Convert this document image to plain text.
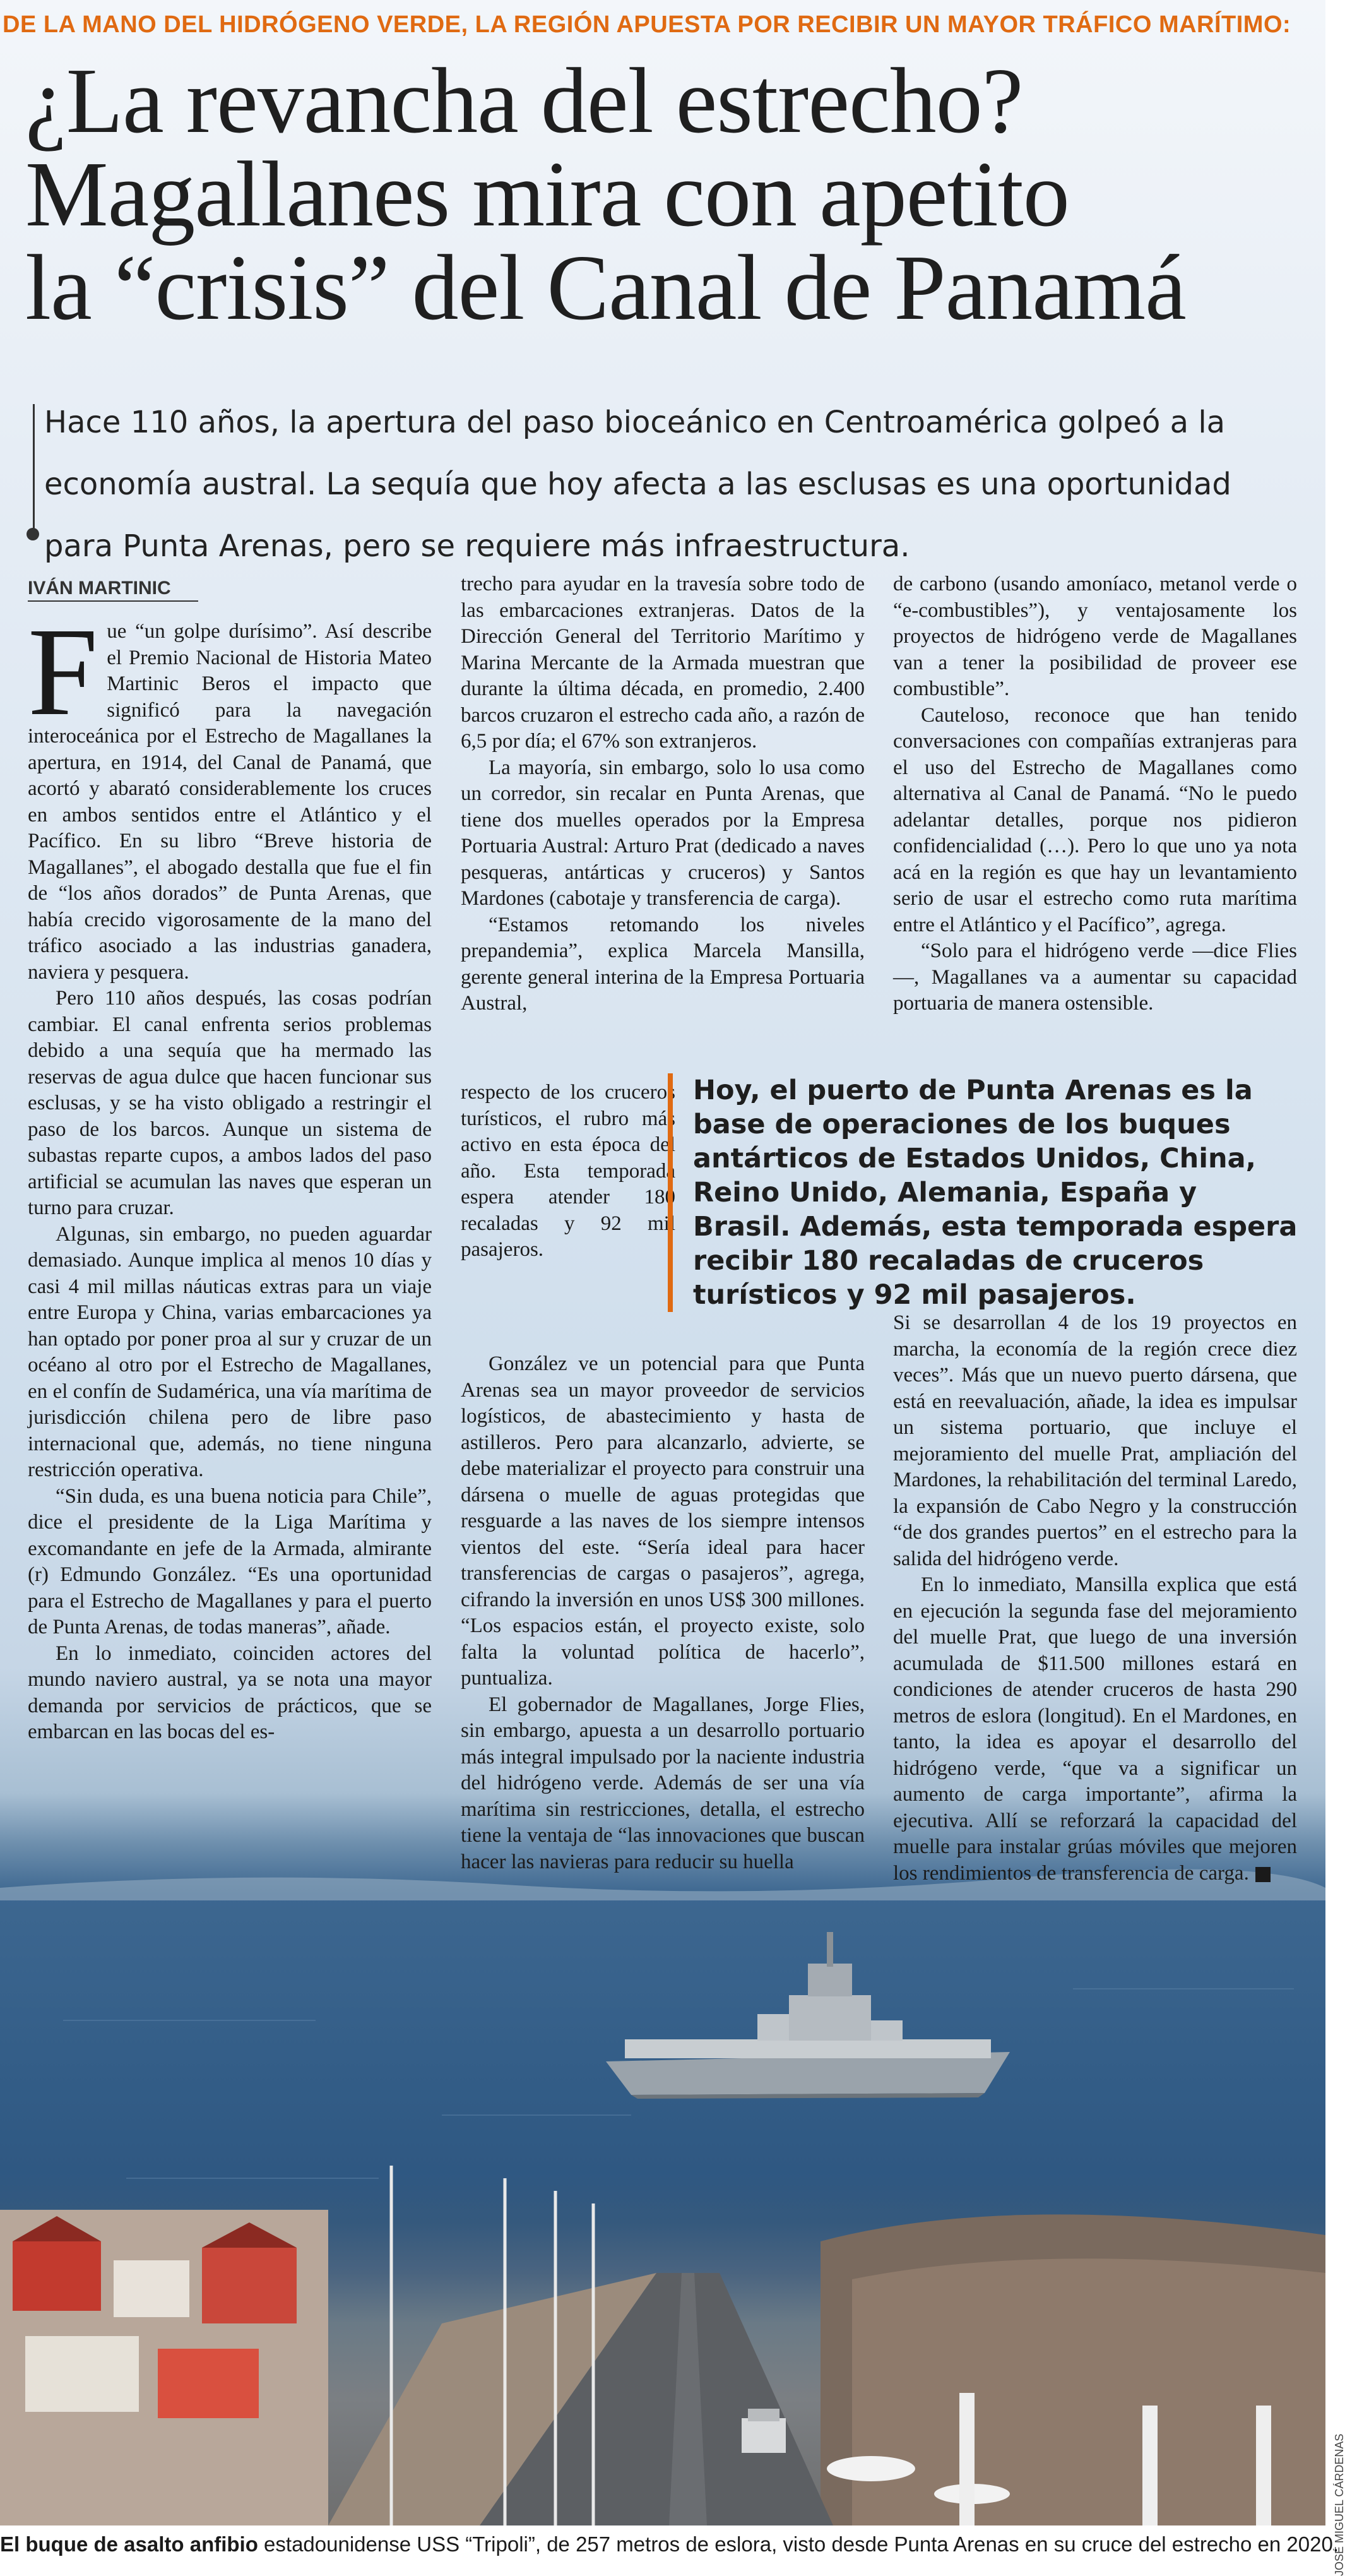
DE LA MANO DEL HIDRÓGENO VERDE, LA REGIÓN APUESTA POR RECIBIR UN MAYOR TRÁFICO MARÍTIMO:
¿La revancha del estrecho?
Magallanes mira con apetito
la “crisis” del Canal de Panamá
Hace 110 años, la apertura del paso bioceánico en Centroamérica golpeó a la economía austral. La sequía que hoy afecta a las esclusas es una oportunidad para Punta Arenas, pero se requiere más infraestructura.
IVÁN MARTINIC

Fue “un golpe durísimo”. Así describe el Premio Nacional de Historia Mateo Martinic Beros el impacto que significó para la navegación interoceánica por el Estrecho de Magallanes la apertura, en 1914, del Canal de Panamá, que acortó y abarató considerablemente los cruces en ambos sentidos entre el Atlántico y el Pacífico. En su libro “Breve historia de Magallanes”, el abogado destalla que fue el fin de “los años dorados” de Punta Arenas, que había crecido vigorosamente de la mano del tráfico asociado a las industrias ganadera, naviera y pesquera.

Pero 110 años después, las cosas podrían cambiar. El canal enfrenta serios problemas debido a una sequía que ha mermado las reservas de agua dulce que hacen funcionar sus esclusas, y se ha visto obligado a restringir el paso de los barcos. Aunque un sistema de subastas reparte cupos, a ambos lados del paso artificial se acumulan las naves que esperan un turno para cruzar.

Algunas, sin embargo, no pueden aguardar demasiado. Aunque implica al menos 10 días y casi 4 mil millas náuticas extras para un viaje entre Europa y China, varias embarcaciones ya han optado por poner proa al sur y cruzar de un océano al otro por el Estrecho de Magallanes, en el confín de Sudamérica, una vía marítima de jurisdicción chilena pero de libre paso internacional que, además, no tiene ninguna restricción operativa.

“Sin duda, es una buena noticia para Chile”, dice el presidente de la Liga Marítima y excomandante en jefe de la Armada, almirante (r) Edmundo González. “Es una oportunidad para el Estrecho de Magallanes y para el puerto de Punta Arenas, de todas maneras”, añade.

En lo inmediato, coinciden actores del mundo naviero austral, ya se nota una mayor demanda por servicios de prácticos, que se embarcan en las bocas del es-

trecho para ayudar en la travesía sobre todo de las embarcaciones extranjeras. Datos de la Dirección General del Territorio Marítimo y Marina Mercante de la Armada muestran que durante la última década, en promedio, 2.400 barcos cruzaron el estrecho cada año, a razón de 6,5 por día; el 67% son extranjeros.

La mayoría, sin embargo, solo lo usa como un corredor, sin recalar en Punta Arenas, que tiene dos muelles operados por la Empresa Portuaria Austral: Arturo Prat (dedicado a naves pesqueras, antárticas y cruceros) y Santos Mardones (cabotaje y transferencia de carga).

“Estamos retomando los niveles prepandemia”, explica Marcela Mansilla, gerente general interina de la Empresa Portuaria Austral,

respecto de los cruceros turísticos, el rubro más activo en esta época del año. Esta temporada espera atender 180 recaladas y 92 mil pasajeros.

González ve un potencial para que Punta Arenas sea un mayor proveedor de servicios logísticos, de abastecimiento y hasta de astilleros. Pero para alcanzarlo, advierte, se debe materializar el proyecto para construir una dársena o muelle de aguas protegidas que resguarde a las naves de los siempre intensos vientos del este. “Sería ideal para hacer transferencias de cargas o pasajeros”, agrega, cifrando la inversión en unos US$ 300 millones. “Los espacios están, el proyecto existe, solo falta la voluntad política de hacerlo”, puntualiza.

El gobernador de Magallanes, Jorge Flies, sin embargo, apuesta a un desarrollo portuario más integral impulsado por la naciente industria del hidrógeno verde. Además de ser una vía marítima sin restricciones, detalla, el estrecho tiene la ventaja de “las innovaciones que buscan hacer las navieras para reducir su huella

de carbono (usando amoníaco, metanol verde o “e-combustibles”), y ventajosamente los proyectos de hidrógeno verde de Magallanes van a tener la posibilidad de proveer ese combustible”.

Cauteloso, reconoce que han tenido conversaciones con compañías extranjeras para el uso del Estrecho de Magallanes como alternativa al Canal de Panamá. “No le puedo adelantar detalles, porque nos pidieron confidencialidad (…). Pero lo que uno ya nota acá en la región es que hay un levantamiento serio de usar el estrecho como ruta marítima entre el Atlántico y el Pacífico”, agrega.

“Solo para el hidrógeno verde —dice Flies—, Magallanes va a aumentar su capacidad portuaria de manera ostensible.

Si se desarrollan 4 de los 19 proyectos en marcha, la economía de la región crece diez veces”. Más que un nuevo puerto dársena, que está en reevaluación, añade, la idea es impulsar un sistema portuario, que incluye el mejoramiento del muelle Prat, ampliación del Mardones, la rehabilitación del terminal Laredo, la expansión de Cabo Negro y la construcción “de dos grandes puertos” en el estrecho para la salida del hidrógeno verde.

En lo inmediato, Mansilla explica que está en ejecución la segunda fase del mejoramiento del muelle Prat, que luego de una inversión acumulada de $11.500 millones estará en condiciones de atender cruceros de hasta 290 metros de eslora (longitud). En el Mardones, en tanto, la idea es apoyar el desarrollo del hidrógeno verde, “que va a significar un aumento de carga importante”, afirma la ejecutiva. Allí se reforzará la capacidad del muelle para instalar grúas móviles que mejoren los rendimientos de transferencia de carga.

Hoy, el puerto de Punta Arenas es la base de operaciones de los buques antárticos de Estados Unidos, China, Reino Unido, Alemania, España y Brasil. Además, esta temporada espera recibir 180 recaladas de cruceros turísticos y 92 mil pasajeros.
JOSÉ MIGUEL CÁRDENAS
El buque de asalto anfibio estadounidense USS “Tripoli”, de 257 metros de eslora, visto desde Punta Arenas en su cruce del estrecho en 2020.
